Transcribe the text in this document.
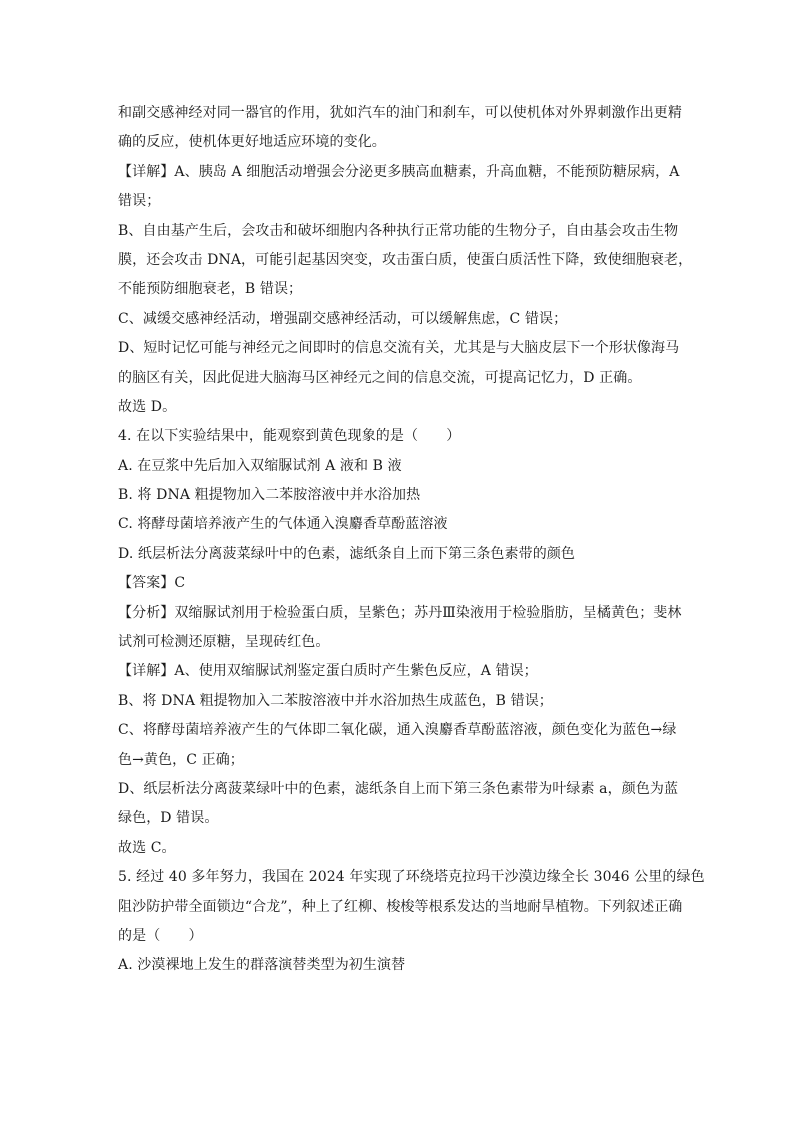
和副交感神经对同一器官的作用，犹如汽车的油门和刹车，可以使机体对外界刺激作出更精
确的反应，使机体更好地适应环境的变化。
【详解】A、胰岛 A 细胞活动增强会分泌更多胰高血糖素，升高血糖，不能预防糖尿病，A
错误；
B、自由基产生后，会攻击和破坏细胞内各种执行正常功能的生物分子，自由基会攻击生物
膜，还会攻击 DNA，可能引起基因突变，攻击蛋白质，使蛋白质活性下降，致使细胞衰老，
不能预防细胞衰老，B 错误；
C、减缓交感神经活动，增强副交感神经活动，可以缓解焦虑，C 错误；
D、短时记忆可能与神经元之间即时的信息交流有关，尤其是与大脑皮层下一个形状像海马
的脑区有关，因此促进大脑海马区神经元之间的信息交流，可提高记忆力，D 正确。
故选 D。
4. 在以下实验结果中，能观察到黄色现象的是（　　）
A. 在豆浆中先后加入双缩脲试剂 A 液和 B 液
B. 将 DNA 粗提物加入二苯胺溶液中并水浴加热
C. 将酵母菌培养液产生的气体通入溴麝香草酚蓝溶液
D. 纸层析法分离菠菜绿叶中的色素，滤纸条自上而下第三条色素带的颜色
【答案】C
【分析】双缩脲试剂用于检验蛋白质，呈紫色；苏丹Ⅲ染液用于检验脂肪，呈橘黄色；斐林
试剂可检测还原糖，呈现砖红色。
【详解】A、使用双缩脲试剂鉴定蛋白质时产生紫色反应，A 错误；
B、将 DNA 粗提物加入二苯胺溶液中并水浴加热生成蓝色，B 错误；
C、将酵母菌培养液产生的气体即二氧化碳，通入溴麝香草酚蓝溶液，颜色变化为蓝色→绿
色→黄色，C 正确；
D、纸层析法分离菠菜绿叶中的色素，滤纸条自上而下第三条色素带为叶绿素 a，颜色为蓝
绿色，D 错误。
故选 C。
5. 经过 40 多年努力，我国在 2024 年实现了环绕塔克拉玛干沙漠边缘全长 3046 公里的绿色
阻沙防护带全面锁边“合龙”，种上了红柳、梭梭等根系发达的当地耐旱植物。下列叙述正确
的是（　　）
A. 沙漠裸地上发生的群落演替类型为初生演替
